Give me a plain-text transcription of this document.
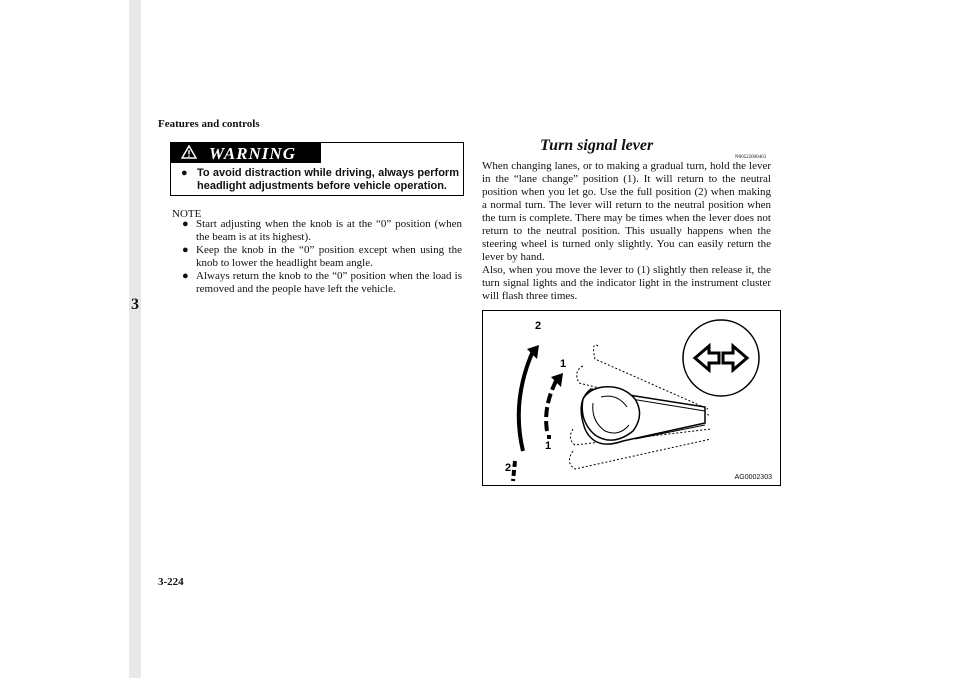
3
Features and controls
WARNING
● To avoid distraction while driving, always perform headlight adjustments before vehicle operation.
NOTE
● Start adjusting when the knob is at the “0” position (when the beam is at its highest).
● Keep the knob in the “0” position except when using the knob to lower the headlight beam angle.
● Always return the knob to the “0” position when the load is removed and the people have left the vehicle.
Turn signal lever
N00522600463

When changing lanes, or to making a gradual turn, hold the lever in the “lane change” position (1). It will return to the neutral position when you let go. Use the full position (2) when making a normal turn. The lever will return to the neutral position when the turn is complete. There may be times when the lever does not return to the neutral position. This usually happens when the steering wheel is turned only slightly. You can easily return the lever by hand.

Also, when you move the lever to (1) slightly then release it, the turn signal lights and the indicator light in the instrument cluster will flash three times.

2
1
1
2
AG0002303
3-224
